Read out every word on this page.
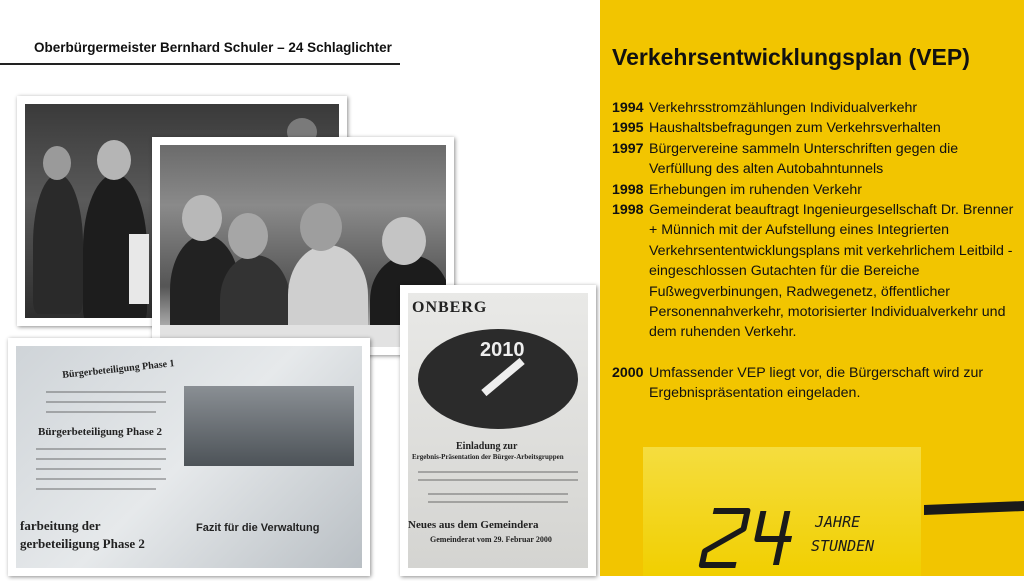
Oberbürgermeister Bernhard Schuler – 24 Schlaglichter
Bürgerbeteiligung Phase 1
Bürgerbeteiligung Phase 2
farbeitung der
gerbeteiligung Phase 2
Fazit für die Verwaltung
ONBERG
2010
Einladung zur
Ergebnis-Präsentation der Bürger-Arbeitsgruppen
Neues aus dem Gemeindera
Gemeinderat vom 29. Februar 2000
Verkehrsentwicklungsplan (VEP)
1994 Verkehrsstromzählungen Individualverkehr
1995 Haushaltsbefragungen zum Verkehrsverhalten
1997 Bürgervereine sammeln Unterschriften gegen die Verfüllung des alten Autobahntunnels
1998 Erhebungen im ruhenden Verkehr
1998 Gemeinderat beauftragt Ingenieurgesellschaft Dr. Brenner + Münnich mit der Aufstellung eines Integrierten Verkehrsententwicklungsplans mit verkehrlichem Leitbild - eingeschlossen Gutachten für die Bereiche Fußwegverbinungen, Radwegenetz, öffentlicher Personennahverkehr, motorisierter Individualverkehr und dem ruhenden Verkehr.
2000 Umfassender VEP liegt vor, die Bürgerschaft wird zur Ergebnispräsentation eingeladen.
JAHRE
STUNDEN
